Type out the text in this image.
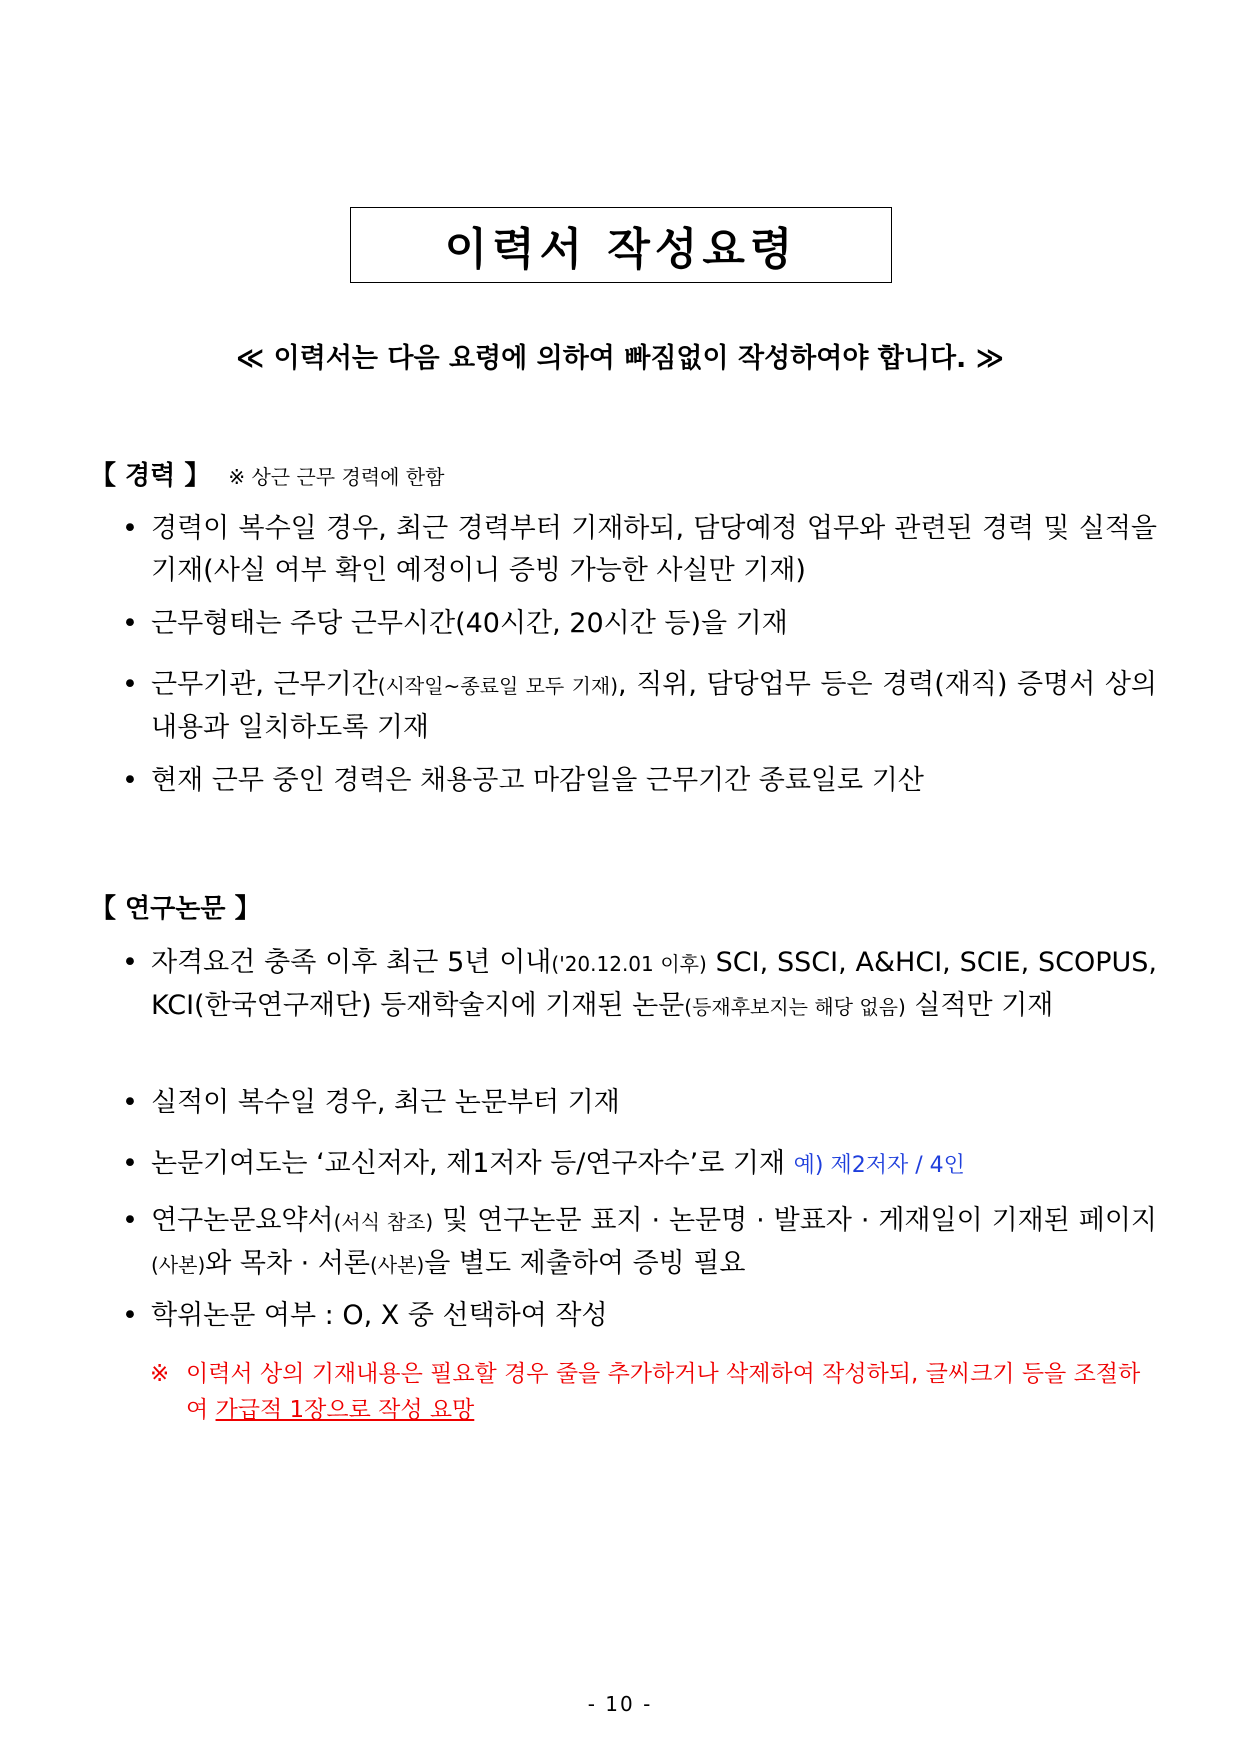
이력서 작성요령
≪ 이력서는 다음 요령에 의하여 빠짐없이 작성하여야 합니다. ≫
【 경력 】 ※ 상근 근무 경력에 한함
• 경력이 복수일 경우, 최근 경력부터 기재하되, 담당예정 업무와 관련된 경력 및 실적을 기재(사실 여부 확인 예정이니 증빙 가능한 사실만 기재)
• 근무형태는 주당 근무시간(40시간, 20시간 등)을 기재
• 근무기관, 근무기간(시작일~종료일 모두 기재), 직위, 담당업무 등은 경력(재직) 증명서 상의 내용과 일치하도록 기재
• 현재 근무 중인 경력은 채용공고 마감일을 근무기간 종료일로 기산
【 연구논문 】
• 자격요건 충족 이후 최근 5년 이내('20.12.01 이후) SCI, SSCI, A&HCI, SCIE, SCOPUS, KCI(한국연구재단) 등재학술지에 기재된 논문(등재후보지는 해당 없음) 실적만 기재
• 실적이 복수일 경우, 최근 논문부터 기재
• 논문기여도는 ‘교신저자, 제1저자 등/연구자수’로 기재 예) 제2저자 / 4인
• 연구논문요약서(서식 참조) 및 연구논문 표지 · 논문명 · 발표자 · 게재일이 기재된 페이지(사본)와 목차 · 서론(사본)을 별도 제출하여 증빙 필요
• 학위논문 여부 : O, X 중 선택하여 작성
※ 이력서 상의 기재내용은 필요할 경우 줄을 추가하거나 삭제하여 작성하되, 글씨크기 등을 조절하여 가급적 1장으로 작성 요망
- 10 -
